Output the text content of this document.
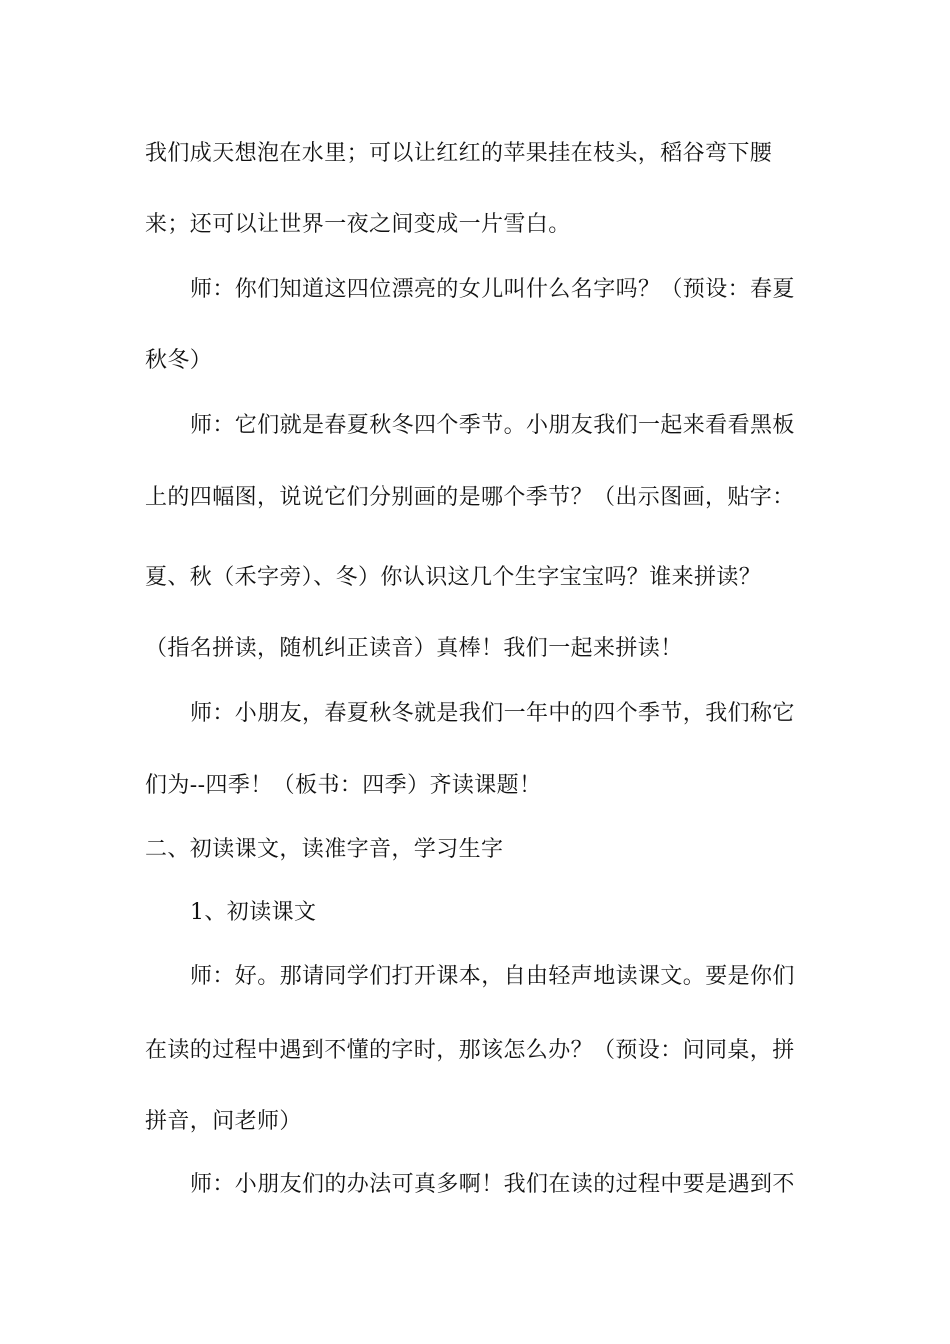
我们成天想泡在水里；可以让红红的苹果挂在枝头，稻谷弯下腰
来；还可以让世界一夜之间变成一片雪白。
师：你们知道这四位漂亮的女儿叫什么名字吗？（预设：春夏
秋冬）
师：它们就是春夏秋冬四个季节。小朋友我们一起来看看黑板
上的四幅图，说说它们分别画的是哪个季节？（出示图画，贴字：
夏、秋（禾字旁）、冬）你认识这几个生字宝宝吗？谁来拼读？
（指名拼读，随机纠正读音）真棒！我们一起来拼读！
师：小朋友，春夏秋冬就是我们一年中的四个季节，我们称它
们为--四季！（板书：四季）齐读课题！
二、初读课文，读准字音，学习生字
1、初读课文
师：好。那请同学们打开课本，自由轻声地读课文。要是你们
在读的过程中遇到不懂的字时，那该怎么办？（预设：问同桌，拼
拼音，问老师）
师：小朋友们的办法可真多啊！我们在读的过程中要是遇到不
